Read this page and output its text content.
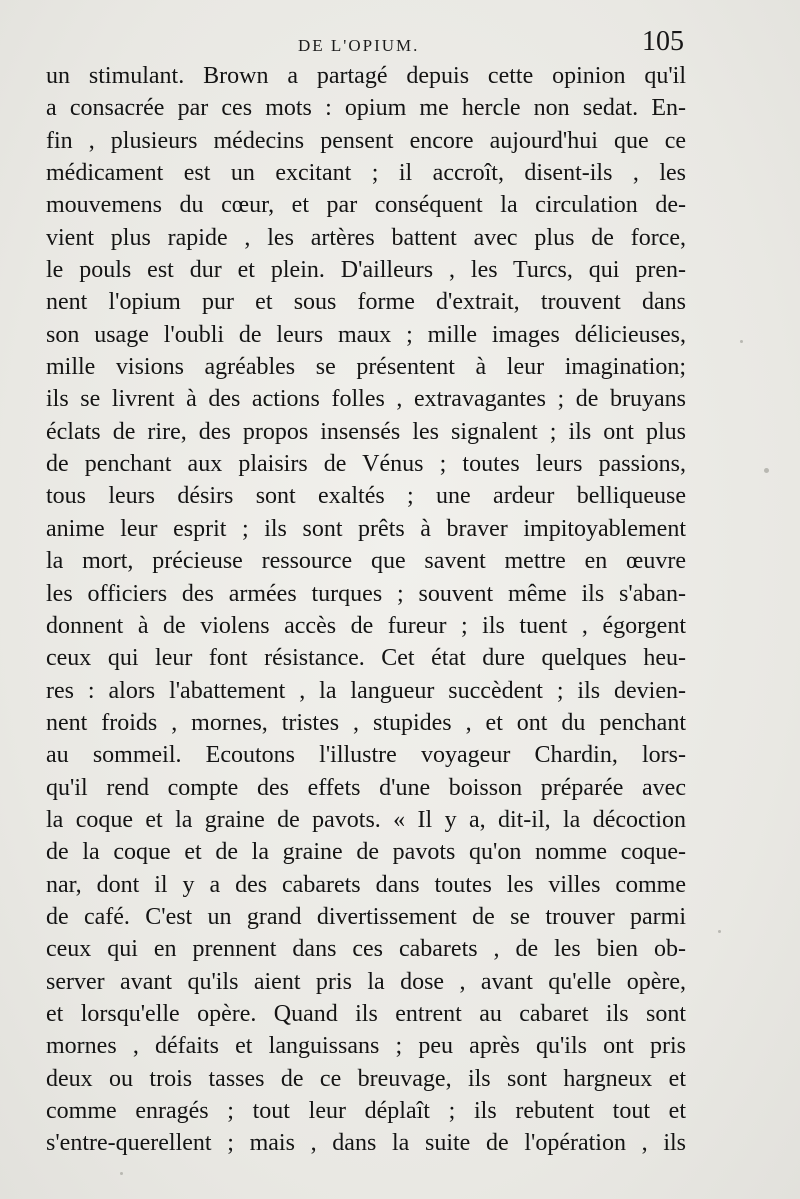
DE L'OPIUM.	105
un stimulant. Brown a partagé depuis cette opinion qu'il
a consacrée par ces mots : opium me hercle non sedat. En-
fin , plusieurs médecins pensent encore aujourd'hui que ce
médicament est un excitant ; il accroît, disent-ils , les
mouvemens du cœur, et par conséquent la circulation de-
vient plus rapide , les artères battent avec plus de force,
le pouls est dur et plein. D'ailleurs , les Turcs, qui pren-
nent l'opium pur et sous forme d'extrait, trouvent dans
son usage l'oubli de leurs maux ; mille images délicieuses,
mille visions agréables se présentent à leur imagination;
ils se livrent à des actions folles , extravagantes ; de bruyans
éclats de rire, des propos insensés les signalent ; ils ont plus
de penchant aux plaisirs de Vénus ; toutes leurs passions,
tous leurs désirs sont exaltés ; une ardeur belliqueuse
anime leur esprit ; ils sont prêts à braver impitoyablement
la mort, précieuse ressource que savent mettre en œuvre
les officiers des armées turques ; souvent même ils s'aban-
donnent à de violens accès de fureur ; ils tuent , égorgent
ceux qui leur font résistance. Cet état dure quelques heu-
res : alors l'abattement , la langueur succèdent ; ils devien-
nent froids , mornes, tristes , stupides , et ont du penchant
au sommeil. Ecoutons l'illustre voyageur Chardin, lors-
qu'il rend compte des effets d'une boisson préparée avec
la coque et la graine de pavots. « Il y a, dit-il, la décoction
de la coque et de la graine de pavots qu'on nomme coque-
nar, dont il y a des cabarets dans toutes les villes comme
de café. C'est un grand divertissement de se trouver parmi
ceux qui en prennent dans ces cabarets , de les bien ob-
server avant qu'ils aient pris la dose , avant qu'elle opère,
et lorsqu'elle opère. Quand ils entrent au cabaret ils sont
mornes , défaits et languissans ; peu après qu'ils ont pris
deux ou trois tasses de ce breuvage, ils sont hargneux et
comme enragés ; tout leur déplaît ; ils rebutent tout et
s'entre-querellent ; mais , dans la suite de l'opération , ils
